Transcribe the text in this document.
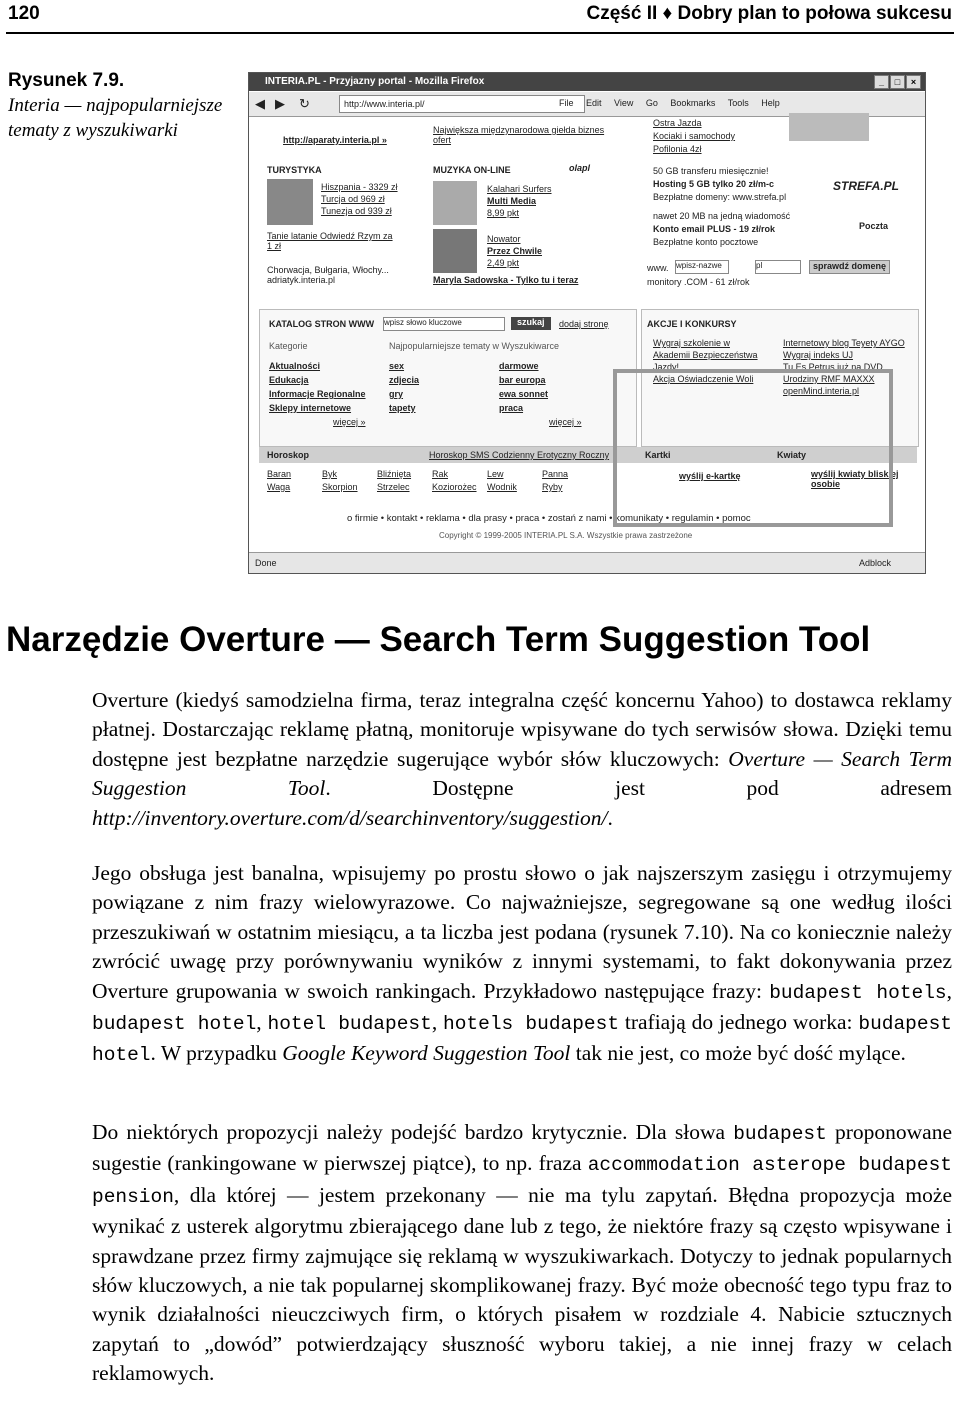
120	Część II ♦ Dobry plan to połowa sukcesu
Rysunek 7.9.
Interia — najpopularniejsze tematy z wyszukiwarki
INTERIA.PL - Przyjazny portal - Mozilla Firefox	_	□	×
◀ ▶ ↻	http://www.interia.pl/	File Edit View Go Bookmarks Tools Help
http://aparaty.interia.pl »
Największa międzynarodowa giełda biznes ofert
Ostra Jazda
Kociaki i samochody
Pofilonia 4zł
TURYSTYKA
Hiszpania - 3329 zł
Turcja od 969 zł
Tunezja od 939 zł
Tanie latanie Odwiedź Rzym za 1 zł
Chorwacja, Bułgaria, Włochy... adriatyk.interia.pl
MUZYKA ON-LINE	olapl
Kalahari Surfers
Multi Media
8,99 pkt
Nowator
Przez Chwile
2,49 pkt
Maryla Sadowska - Tylko tu i teraz
50 GB transferu miesięcznie!
Hosting 5 GB tylko 20 zł/m-c
Bezpłatne domeny: www.strefa.pl
nawet 20 MB na jedną wiadomość
Konto email PLUS - 19 zł/rok
Bezpłatne konto pocztowe
STREFA.PL
Poczta
www. wpisz-nazwe	pl	sprawdź domenę
monitory .COM - 61 zł/rok
KATALOG STRON WWW wpisz słowo kluczowe	szukaj	dodaj stronę
Kategorie
Aktualności
Edukacja
Informacje Regionalne
Sklepy internetowe
więcej »
Najpopularniejsze tematy w Wyszukiwarce
sex
zdjecia
gry
tapety
darmowe
bar europa
ewa sonnet
praca
więcej »
AKCJE I KONKURSY
Wygraj szkolenie w Akademii Bezpieczeństwa
Jazdy!
Akcja Oświadczenie Woli
Internetowy blog Teyety AYGO
Wygraj indeks UJ
Tu Es Petrus już na DVD
Urodziny RMF MAXXX
openMind.interia.pl
Horoskop	Horoskop SMS Codzienny Erotyczny Roczny	Kartki	Kwiaty
Baran	Byk	Bliźnięta	Rak	Lew	Panna
Waga	Skorpion	Strzelec	Koziorożec	Wodnik	Ryby
wyślij e-kartkę	wyślij kwiaty bliskiej osobie
o firmie • kontakt • reklama • dla prasy • praca • zostań z nami • komunikaty • regulamin • pomoc
Copyright © 1999-2005 INTERIA.PL S.A. Wszystkie prawa zastrzeżone
Done	Adblock
Narzędzie Overture — Search Term Suggestion Tool

Overture (kiedyś samodzielna firma, teraz integralna część koncernu Yahoo) to dostawca reklamy płatnej. Dostarczając reklamę płatną, monitoruje wpisywane do tych serwisów słowa. Dzięki temu dostępne jest bezpłatne narzędzie sugerujące wybór słów kluczowych: Overture — Search Term Suggestion Tool. Dostępne jest pod adresem http://inventory.overture.com/d/searchinventory/suggestion/.

Jego obsługa jest banalna, wpisujemy po prostu słowo o jak najszerszym zasięgu i otrzymujemy powiązane z nim frazy wielowyrazowe. Co najważniejsze, segregowane są one według ilości przeszukiwań w ostatnim miesiącu, a ta liczba jest podana (rysunek 7.10). Na co koniecznie należy zwrócić uwagę przy porównywaniu wyników z innymi systemami, to fakt dokonywania przez Overture grupowania w swoich rankingach. Przykładowo następujące frazy: budapest hotels, budapest hotel, hotel budapest, hotels budapest trafiają do jednego worka: budapest hotel. W przypadku Google Keyword Suggestion Tool tak nie jest, co może być dość mylące.

Do niektórych propozycji należy podejść bardzo krytycznie. Dla słowa budapest proponowane sugestie (rankingowane w pierwszej piątce), to np. fraza accommodation asterope budapest pension, dla której — jestem przekonany — nie ma tylu zapytań. Błędna propozycja może wynikać z usterek algorytmu zbierającego dane lub z tego, że niektóre frazy są często wpisywane i sprawdzane przez firmy zajmujące się reklamą w wyszukiwarkach. Dotyczy to jednak popularnych słów kluczowych, a nie tak popularnej skomplikowanej frazy. Być może obecność tego typu fraz to wynik działalności nieuczciwych firm, o których pisałem w rozdziale 4. Nabicie sztucznych zapytań to „dowód” potwierdzający słuszność wyboru takiej, a nie innej frazy w celach reklamowych.
